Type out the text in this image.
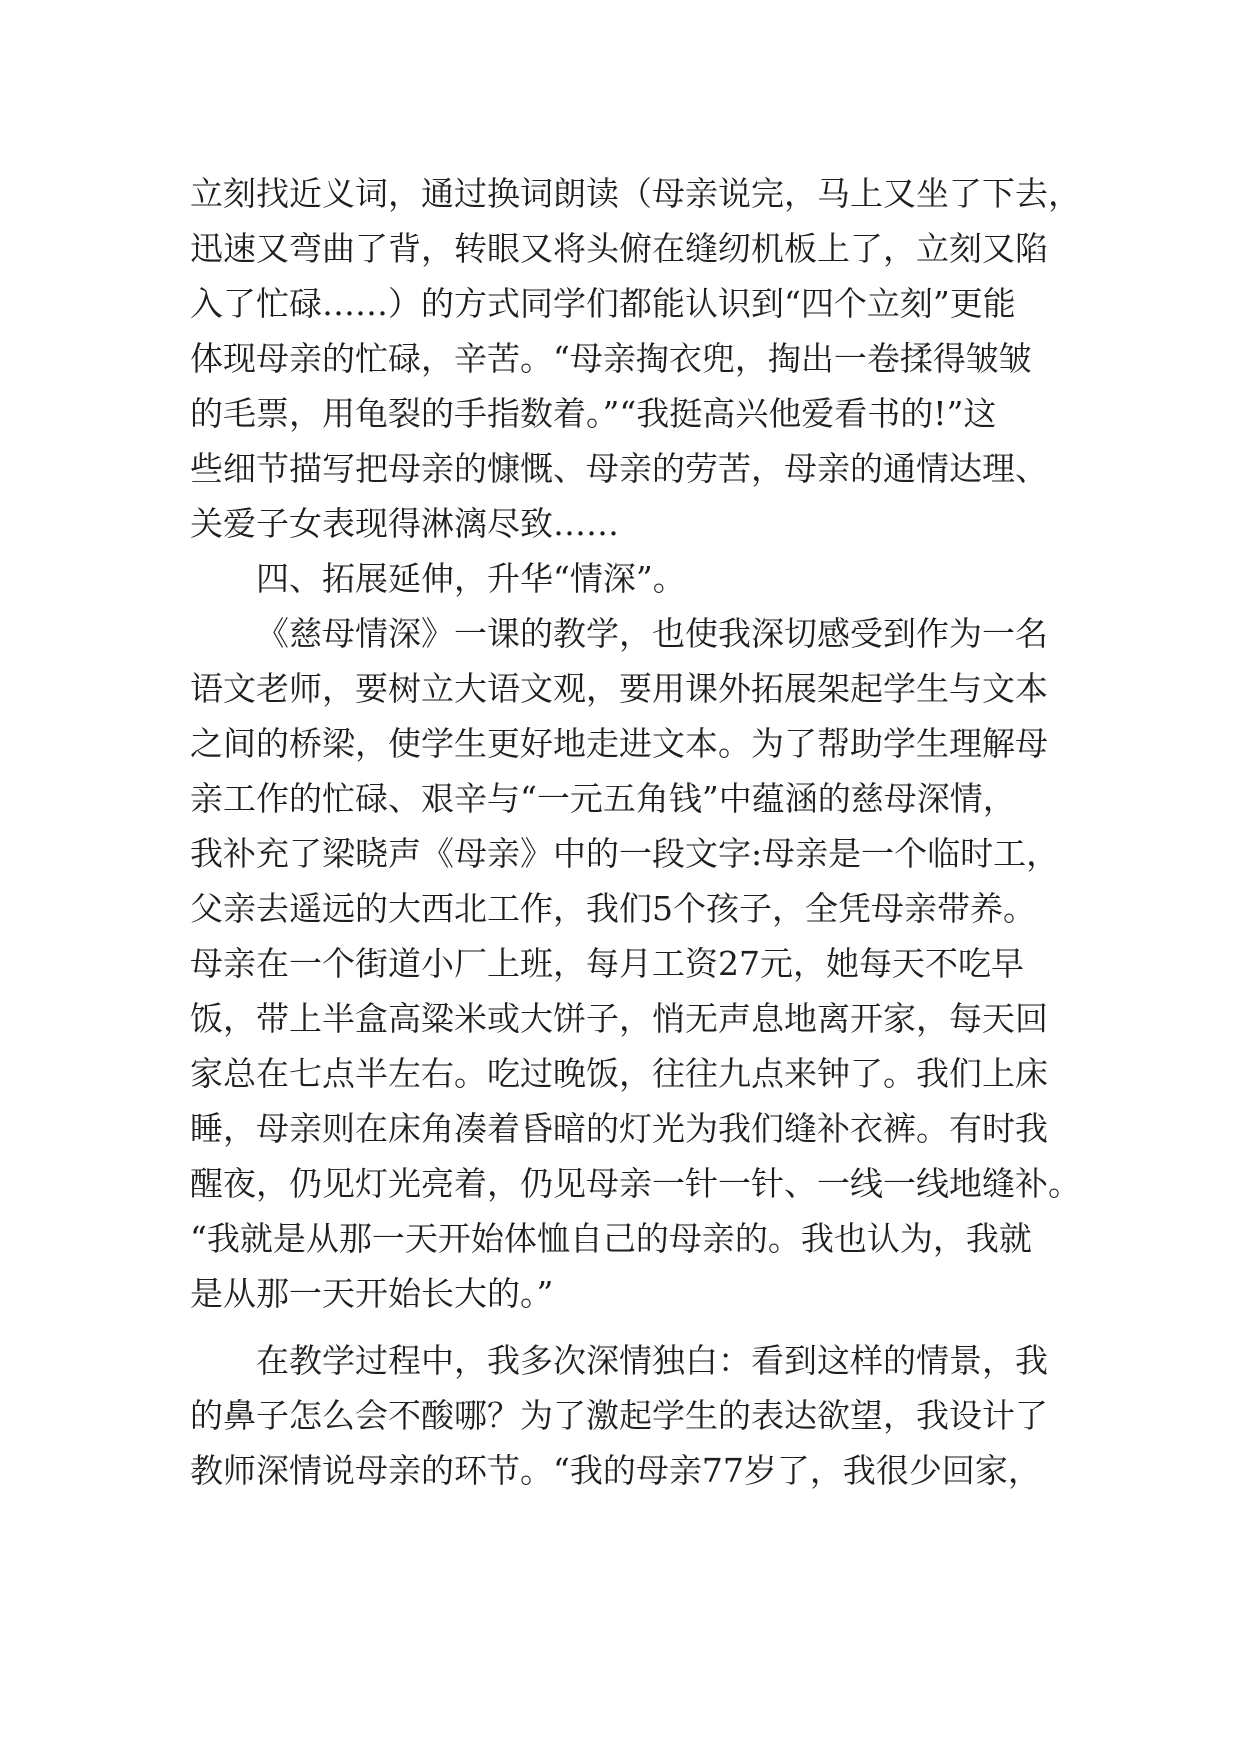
立刻找近义词，通过换词朗读（母亲说完，马上又坐了下去，
迅速又弯曲了背，转眼又将头俯在缝纫机板上了，立刻又陷
入了忙碌……）的方式同学们都能认识到“四个立刻”更能
体现母亲的忙碌，辛苦。“母亲掏衣兜，掏出一卷揉得皱皱
的毛票，用龟裂的手指数着。”“我挺高兴他爱看书的!”这
些细节描写把母亲的慷慨、母亲的劳苦，母亲的通情达理、
关爱子女表现得淋漓尽致……
四、拓展延伸，升华“情深”。
《慈母情深》一课的教学，也使我深切感受到作为一名
语文老师，要树立大语文观，要用课外拓展架起学生与文本
之间的桥梁，使学生更好地走进文本。为了帮助学生理解母
亲工作的忙碌、艰辛与“一元五角钱”中蕴涵的慈母深情，
我补充了梁晓声《母亲》中的一段文字:母亲是一个临时工，
父亲去遥远的大西北工作，我们5个孩子，全凭母亲带养。
母亲在一个街道小厂上班，每月工资27元，她每天不吃早
饭，带上半盒高粱米或大饼子，悄无声息地离开家，每天回
家总在七点半左右。吃过晚饭，往往九点来钟了。我们上床
睡，母亲则在床角凑着昏暗的灯光为我们缝补衣裤。有时我
醒夜，仍见灯光亮着，仍见母亲一针一针、一线一线地缝补。
“我就是从那一天开始体恤自己的母亲的。我也认为，我就
是从那一天开始长大的。”
在教学过程中，我多次深情独白：看到这样的情景，我
的鼻子怎么会不酸哪？为了激起学生的表达欲望，我设计了
教师深情说母亲的环节。“我的母亲77岁了，我很少回家，
